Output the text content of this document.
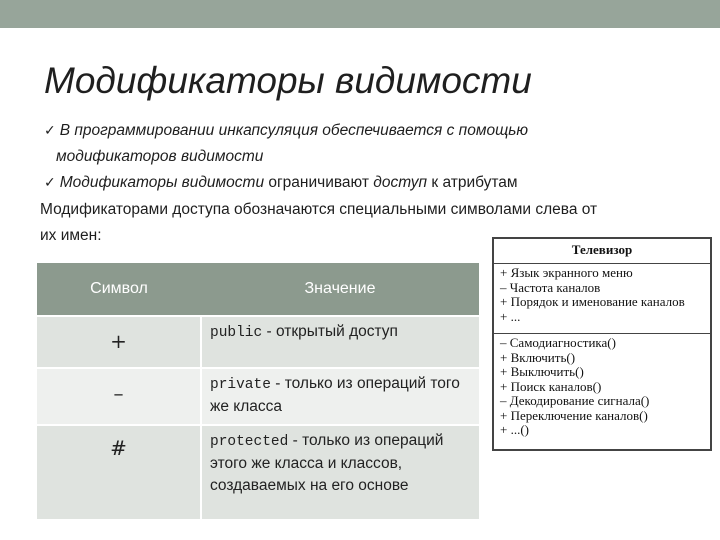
Модификаторы видимости
✓ В программировании инкапсуляция обеспечивается с помощью
модификаторов видимости
✓ Модификаторы видимости ограничивают доступ к атрибутам
Модификаторами доступа обозначаются специальными символами слева от
их имен:
Символ	Значение
+	public - открытый доступ
–	private - только из операций того же класса
#	protected - только из операций этого же класса и классов, создаваемых на его основе
Телевизор
+ Язык экранного меню
– Частота каналов
+ Порядок и именование каналов
+ ...
– Самодиагностика()
+ Включить()
+ Выключить()
+ Поиск каналов()
– Декодирование сигнала()
+ Переключение каналов()
+ ...()
